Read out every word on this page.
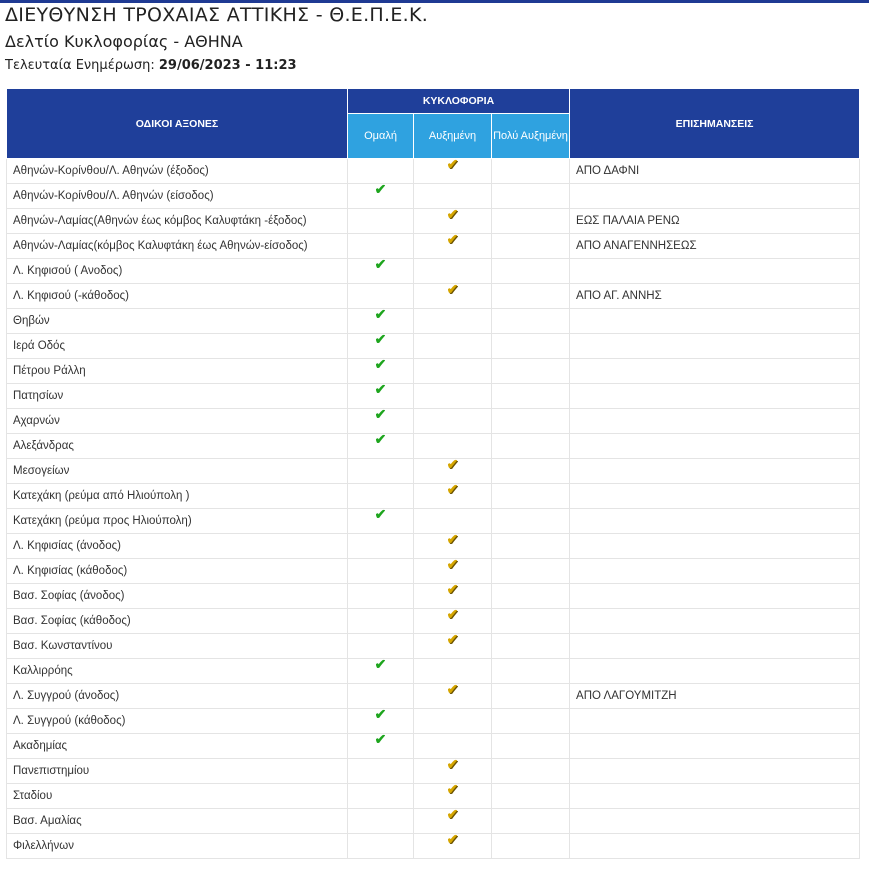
ΔΙΕΥΘΥΝΣΗ ΤΡΟΧΑΙΑΣ ΑΤΤΙΚΗΣ - Θ.Ε.Π.Ε.Κ.
Δελτίο Κυκλοφορίας - ΑΘΗΝΑ
Τελευταία Ενημέρωση: 29/06/2023 - 11:23
ΟΔΙΚΟΙ ΑΞΟΝΕΣ	ΚΥΚΛΟΦΟΡΙΑ			ΕΠΙΣΗΜΑΝΣΕΙΣ
	Ομαλή	Αυξημένη	Πολύ Αυξημένη	
Αθηνών-Κορίνθου/Λ. Αθηνών (έξοδος)		✔		ΑΠΟ ΔΑΦΝΙ
Αθηνών-Κορίνθου/Λ. Αθηνών (είσοδος)	✔			
Αθηνών-Λαμίας(Αθηνών έως κόμβος Καλυφτάκη -έξοδος)		✔		ΕΩΣ ΠΑΛΑΙΑ ΡΕΝΩ
Αθηνών-Λαμίας(κόμβος Καλυφτάκη έως Αθηνών-είσοδος)		✔		ΑΠΟ ΑΝΑΓΕΝΝΗΣΕΩΣ
Λ. Κηφισού ( Ανοδος)	✔			
Λ. Κηφισού (-κάθοδος)		✔		ΑΠΟ ΑΓ. ΑΝΝΗΣ
Θηβών	✔			
Ιερά Οδός	✔			
Πέτρου Ράλλη	✔			
Πατησίων	✔			
Αχαρνών	✔			
Αλεξάνδρας	✔			
Μεσογείων		✔		
Κατεχάκη (ρεύμα από Ηλιούπολη )		✔		
Κατεχάκη (ρεύμα προς Ηλιούπολη)	✔			
Λ. Κηφισίας (άνοδος)		✔		
Λ. Κηφισίας (κάθοδος)		✔		
Βασ. Σοφίας (άνοδος)		✔		
Βασ. Σοφίας (κάθοδος)		✔		
Βασ. Κωνσταντίνου		✔		
Καλλιρρόης	✔			
Λ. Συγγρού (άνοδος)		✔		ΑΠΟ ΛΑΓΟΥΜΙΤΖΗ
Λ. Συγγρού (κάθοδος)	✔			
Ακαδημίας	✔			
Πανεπιστημίου		✔		
Σταδίου		✔		
Βασ. Αμαλίας		✔		
Φιλελλήνων		✔		
